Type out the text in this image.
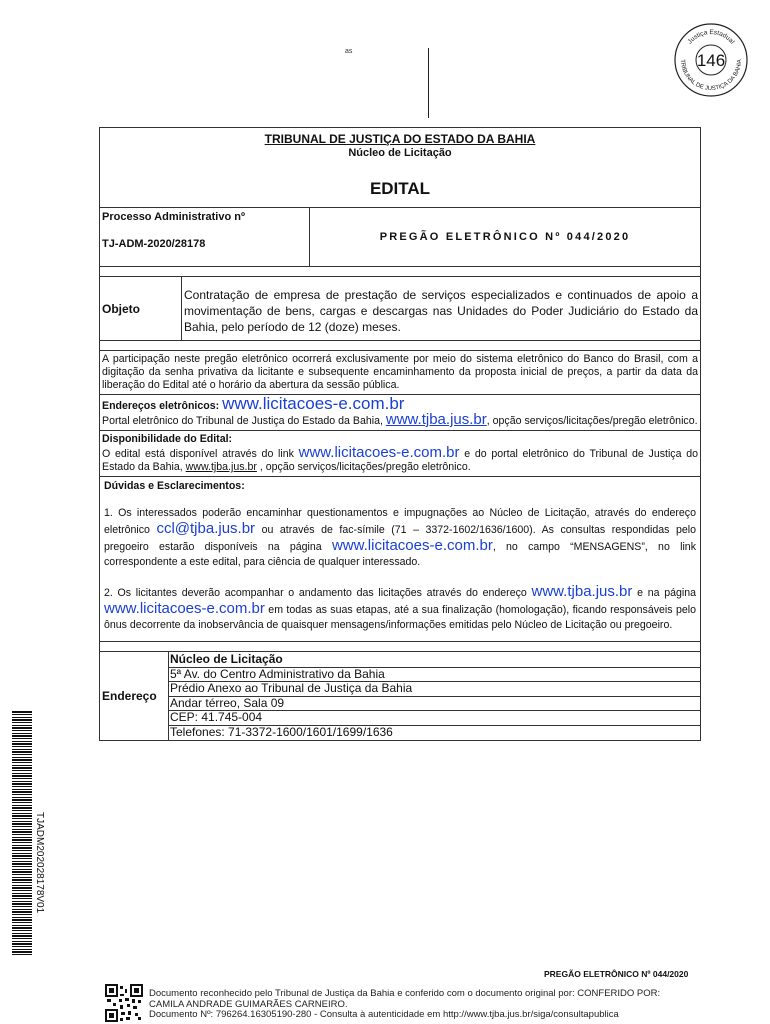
Justiça Estadual
TRIBUNAL DE JUSTIÇA DA BAHIA
146
as
TRIBUNAL DE JUSTIÇA DO ESTADO DA BAHIA
Núcleo de Licitação
EDITAL
Processo Administrativo nº
TJ-ADM-2020/28178
PREGÃO ELETRÔNICO Nº 044/2020
Objeto
Contratação de empresa de prestação de serviços especializados e continuados de apoio a movimentação de bens, cargas e descargas nas Unidades do Poder Judiciário do Estado da Bahia, pelo período de 12 (doze) meses.
A participação neste pregão eletrônico ocorrerá exclusivamente por meio do sistema eletrônico do Banco do Brasil, com a digitação da senha privativa da licitante e subsequente encaminhamento da proposta inicial de preços, a partir da data da liberação do Edital até o horário da abertura da sessão pública.
Endereços eletrônicos: www.licitacoes-e.com.br
Portal eletrônico do Tribunal de Justiça do Estado da Bahia, www.tjba.jus.br, opção serviços/licitações/pregão eletrônico.
Disponibilidade do Edital:
O edital está disponível através do link www.licitacoes-e.com.br e do portal eletrônico do Tribunal de Justiça do Estado da Bahia, www.tjba.jus.br , opção serviços/licitações/pregão eletrônico.
Dúvidas e Esclarecimentos:

1. Os interessados poderão encaminhar questionamentos e impugnações ao Núcleo de Licitação, através do endereço eletrônico ccl@tjba.jus.br ou através de fac-símile (71 – 3372-1602/1636/1600). As consultas respondidas pelo pregoeiro estarão disponíveis na página www.licitacoes-e.com.br, no campo “MENSAGENS”, no link correspondente a este edital, para ciência de qualquer interessado.

2. Os licitantes deverão acompanhar o andamento das licitações através do endereço www.tjba.jus.br e na página www.licitacoes-e.com.br em todas as suas etapas, até a sua finalização (homologação), ficando responsáveis pelo ônus decorrente da inobservância de quaisquer mensagens/informações emitidas pelo Núcleo de Licitação ou pregoeiro.

Endereço
Núcleo de Licitação
5ª Av. do Centro Administrativo da Bahia
Prédio Anexo ao Tribunal de Justiça da Bahia
Andar térreo, Sala 09
CEP: 41.745-004
Telefones: 71-3372-1600/1601/1699/1636
TJADM202028178V01
PREGÃO ELETRÔNICO Nº 044/2020
Documento reconhecido pelo Tribunal de Justiça da Bahia e conferido com o documento original por: CONFERIDO POR:
CAMILA ANDRADE GUIMARÃES CARNEIRO.
Documento Nº: 796264.16305190-280 - Consulta à autenticidade em http://www.tjba.jus.br/siga/consultapublica
